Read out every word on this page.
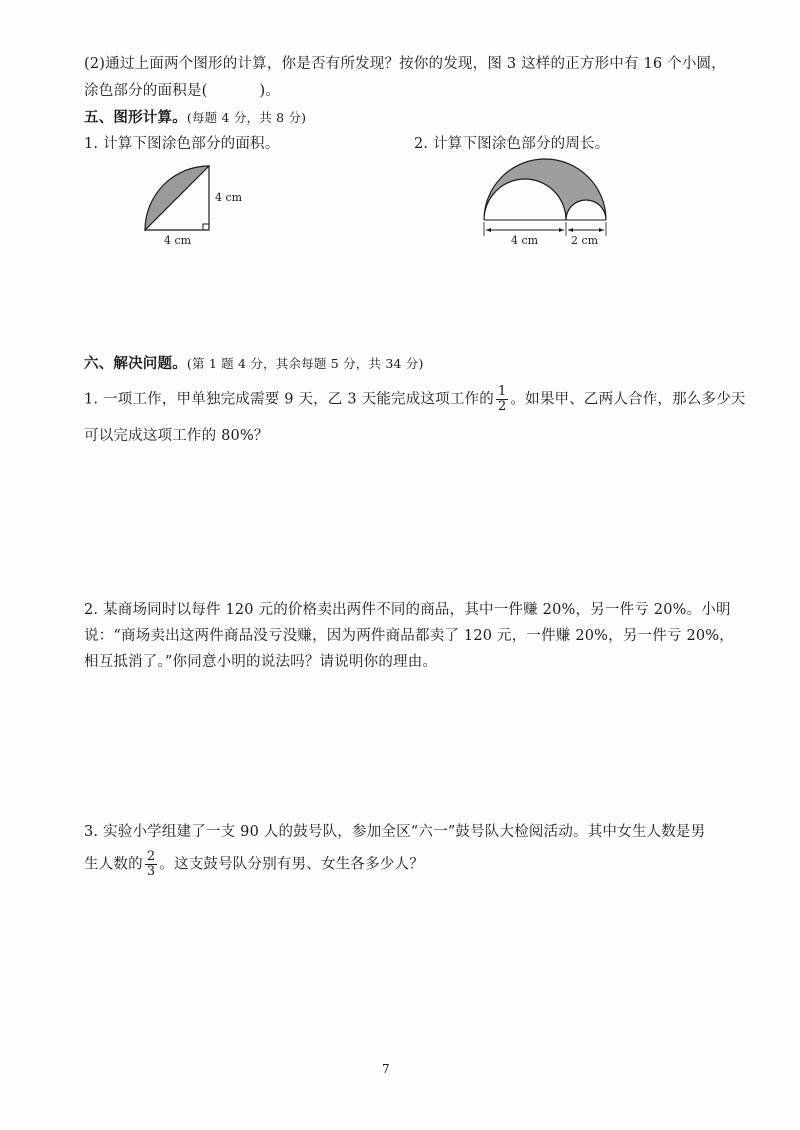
(2)通过上面两个图形的计算，你是否有所发现？按你的发现，图 3 这样的正方形中有 16 个小圆，
涂色部分的面积是(	)。
五、图形计算。(每题 4 分，共 8 分)
1. 计算下图涂色部分的面积。	2. 计算下图涂色部分的周长。
4 cm
4 cm	4 cm	2 cm
六、解决问题。(第 1 题 4 分，其余每题 5 分，共 34 分)
1. 一项工作，甲单独完成需要 9 天，乙 3 天能完成这项工作的 $\frac{1}{2}$ 。如果甲、乙两人合作，那么多少天
可以完成这项工作的 80%？
2. 某商场同时以每件 120 元的价格卖出两件不同的商品，其中一件赚 20%，另一件亏 20%。小明
说：“商场卖出这两件商品没亏没赚，因为两件商品都卖了 120 元，一件赚 20%，另一件亏 20%，
相互抵消了。”你同意小明的说法吗？请说明你的理由。
3. 实验小学组建了一支 90 人的鼓号队，参加全区“六一”鼓号队大检阅活动。其中女生人数是男
生人数的 $\frac{2}{3}$ 。这支鼓号队分别有男、女生各多少人？
7
